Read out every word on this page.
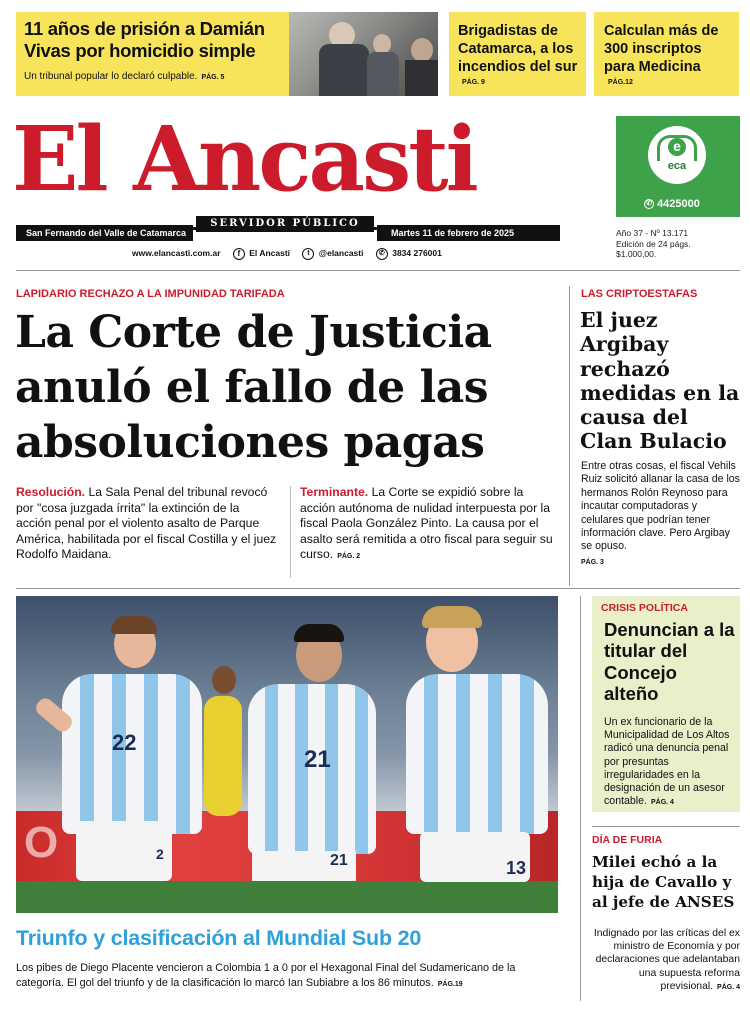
11 años de prisión a Damián Vivas por homicidio simple
Un tribunal popular lo declaró culpable. PÁG. 5
Brigadistas de Catamarca, a los incendios del sur
PÁG. 9
Calculan más de 300 inscriptos para Medicina
PÁG.12
El Ancasti
San Fernando del Valle de Catamarca
SERVIDOR PÚBLICO
Martes 11 de febrero de 2025
www.elancasti.com.ar f El Ancasti t @elancasti ✆ 3834 276001
e
eca
✆ 4425000
Año 37 - Nº 13.171
Edición de 24 págs.
$1.000,00.
LAPIDARIO RECHAZO A LA IMPUNIDAD TARIFADA
La Corte de Justicia anuló el fallo de las absoluciones pagas
Resolución. La Sala Penal del tribunal revocó por "cosa juzgada írrita" la extinción de la acción penal por el violento asalto de Parque América, habilitada por el fiscal Costilla y el juez Rodolfo Maidana.
Terminante. La Corte se expidió sobre la acción autónoma de nulidad interpuesta por la fiscal Paola González Pinto. La causa por el asalto será remitida a otro fiscal para seguir su curso. PÁG. 2
LAS CRIPTOESTAFAS
El juez Argibay rechazó medidas en la causa del Clan Bulacio
Entre otras cosas, el fiscal Vehils Ruiz solicitó allanar la casa de los hermanos Rolón Reynoso para incautar computadoras y celulares que podrían tener información clave. Pero Argibay se opuso.
PÁG. 3
O
22
2
21
21	13
Triunfo y clasificación al Mundial Sub 20
Los pibes de Diego Placente vencieron a Colombia 1 a 0 por el Hexagonal Final del Sudamericano de la categoría. El gol del triunfo y de la clasificación lo marcó Ian Subiabre a los 86 minutos. PÁG.19
CRISIS POLÍTICA
Denuncian a la titular del Concejo alteño
Un ex funcionario de la Municipalidad de Los Altos radicó una denuncia penal por presuntas irregularidades en la designación de un asesor contable. PÁG. 4
DÍA DE FURIA
Milei echó a la hija de Cavallo y al jefe de ANSES
Indignado por las críticas del ex ministro de Economía y por declaraciones que adelantaban una supuesta reforma previsional. PÁG. 4
